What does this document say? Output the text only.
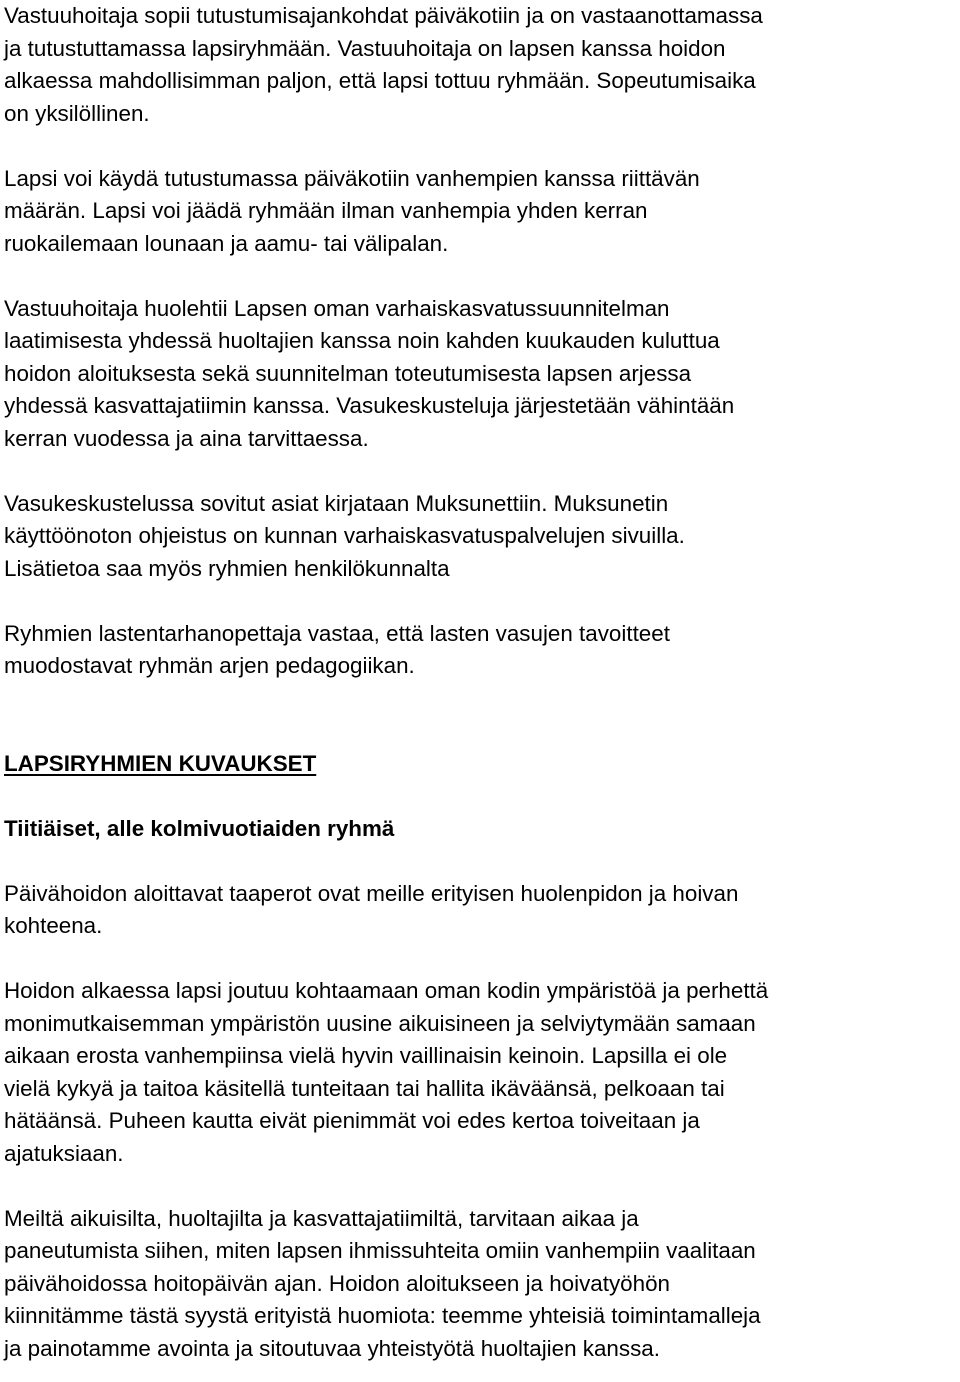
Vastuuhoitaja sopii tutustumisajankohdat päiväkotiin ja on vastaanottamassa
ja tutustuttamassa lapsiryhmään. Vastuuhoitaja on lapsen kanssa hoidon
alkaessa mahdollisimman paljon, että lapsi tottuu ryhmään. Sopeutumisaika
on yksilöllinen.

Lapsi voi käydä tutustumassa päiväkotiin vanhempien kanssa riittävän
määrän. Lapsi voi jäädä ryhmään ilman vanhempia yhden kerran
ruokailemaan lounaan ja aamu- tai välipalan.

Vastuuhoitaja huolehtii Lapsen oman varhaiskasvatussuunnitelman
laatimisesta yhdessä huoltajien kanssa noin kahden kuukauden kuluttua
hoidon aloituksesta sekä suunnitelman toteutumisesta lapsen arjessa
yhdessä kasvattajatiimin kanssa. Vasukeskusteluja järjestetään vähintään
kerran vuodessa ja aina tarvittaessa.

Vasukeskustelussa sovitut asiat kirjataan Muksunettiin. Muksunetin
käyttöönoton ohjeistus on kunnan varhaiskasvatuspalvelujen sivuilla.
Lisätietoa saa myös ryhmien henkilökunnalta

Ryhmien lastentarhanopettaja vastaa, että lasten vasujen tavoitteet
muodostavat ryhmän arjen pedagogiikan.

LAPSIRYHMIEN KUVAUKSET
Tiitiäiset, alle kolmivuotiaiden ryhmä

Päivähoidon aloittavat taaperot ovat meille erityisen huolenpidon ja hoivan
kohteena.

Hoidon alkaessa lapsi joutuu kohtaamaan oman kodin ympäristöä ja perhettä
monimutkaisemman ympäristön uusine aikuisineen ja selviytymään samaan
aikaan erosta vanhempiinsa vielä hyvin vaillinaisin keinoin. Lapsilla ei ole
vielä kykyä ja taitoa käsitellä tunteitaan tai hallita ikäväänsä, pelkoaan tai
hätäänsä. Puheen kautta eivät pienimmät voi edes kertoa toiveitaan ja
ajatuksiaan.

Meiltä aikuisilta, huoltajilta ja kasvattajatiimiltä, tarvitaan aikaa ja
paneutumista siihen, miten lapsen ihmissuhteita omiin vanhempiin vaalitaan
päivähoidossa hoitopäivän ajan. Hoidon aloitukseen ja hoivatyöhön
kiinnitämme tästä syystä erityistä huomiota: teemme yhteisiä toimintamalleja
ja painotamme avointa ja sitoutuvaa yhteistyötä huoltajien kanssa.
